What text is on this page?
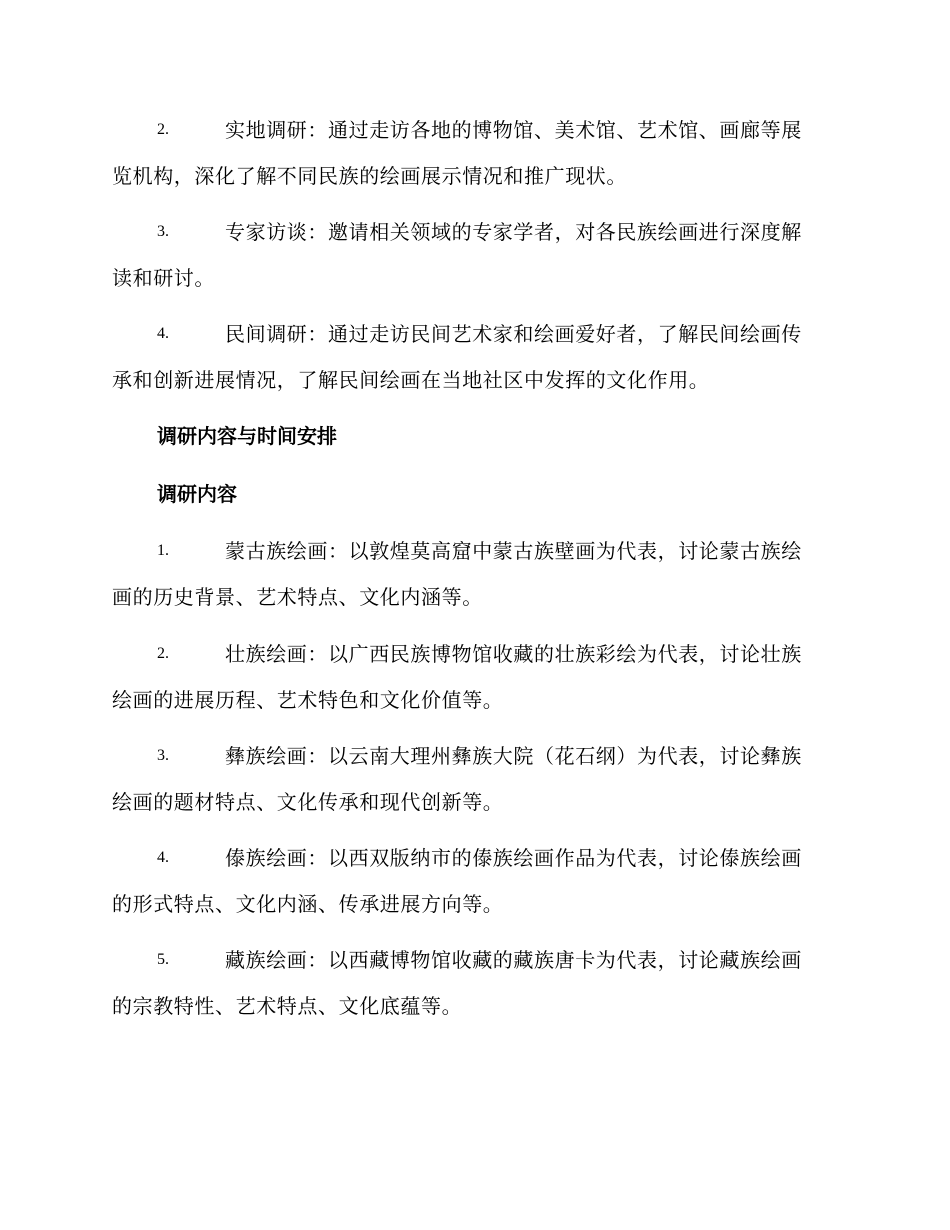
2.	实地调研：通过走访各地的博物馆、美术馆、艺术馆、画廊等展
览机构，深化了解不同民族的绘画展示情况和推广现状。
3.	专家访谈：邀请相关领域的专家学者，对各民族绘画进行深度解
读和研讨。
4.	民间调研：通过走访民间艺术家和绘画爱好者，了解民间绘画传
承和创新进展情况，了解民间绘画在当地社区中发挥的文化作用。
调研内容与时间安排
调研内容
1.	蒙古族绘画：以敦煌莫高窟中蒙古族壁画为代表，讨论蒙古族绘
画的历史背景、艺术特点、文化内涵等。
2.	壮族绘画：以广西民族博物馆收藏的壮族彩绘为代表，讨论壮族
绘画的进展历程、艺术特色和文化价值等。
3.	彝族绘画：以云南大理州彝族大院（花石纲）为代表，讨论彝族
绘画的题材特点、文化传承和现代创新等。
4.	傣族绘画：以西双版纳市的傣族绘画作品为代表，讨论傣族绘画
的形式特点、文化内涵、传承进展方向等。
5.	藏族绘画：以西藏博物馆收藏的藏族唐卡为代表，讨论藏族绘画
的宗教特性、艺术特点、文化底蕴等。
